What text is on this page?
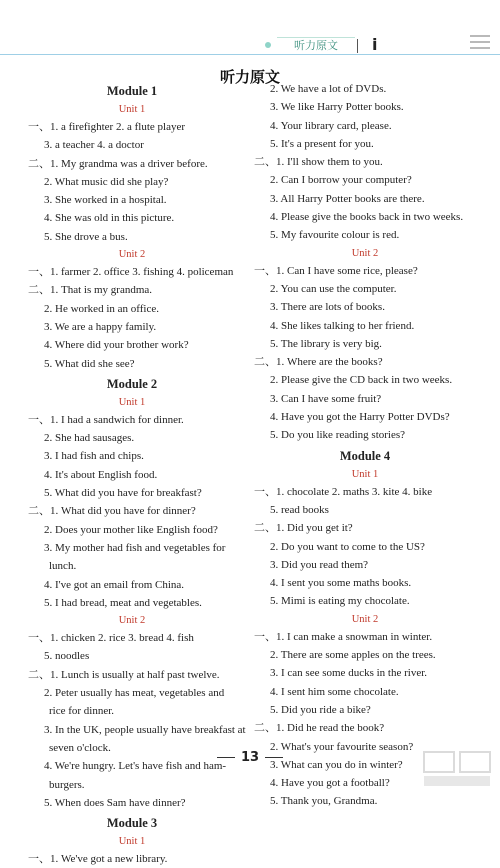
听力原文	i
听力原文
Module 1
Unit 1
一、1. a firefighter 2. a flute player
3. a teacher 4. a doctor
二、1. My grandma was a driver before.
2. What music did she play?
3. She worked in a hospital.
4. She was old in this picture.
5. She drove a bus.
Unit 2
一、1. farmer 2. office 3. fishing 4. policeman
二、1. That is my grandma.
2. He worked in an office.
3. We are a happy family.
4. Where did your brother work?
5. What did she see?
Module 2
Unit 1
一、1. I had a sandwich for dinner.
2. She had sausages.
3. I had fish and chips.
4. It's about English food.
5. What did you have for breakfast?
二、1. What did you have for dinner?
2. Does your mother like English food?
3. My mother had fish and vegetables for
lunch.
4. I've got an email from China.
5. I had bread, meat and vegetables.
Unit 2
一、1. chicken 2. rice 3. bread 4. fish
5. noodles
二、1. Lunch is usually at half past twelve.
2. Peter usually has meat, vegetables and
rice for dinner.
3. In the UK, people usually have breakfast at
seven o'clock.
4. We're hungry. Let's have fish and ham-
burgers.
5. When does Sam have dinner?
Module 3
Unit 1
一、1. We've got a new library.
2. We have a lot of DVDs.
3. We like Harry Potter books.
4. Your library card, please.
5. It's a present for you.
二、1. I'll show them to you.
2. Can I borrow your computer?
3. All Harry Potter books are there.
4. Please give the books back in two weeks.
5. My favourite colour is red.
Unit 2
一、1. Can I have some rice, please?
2. You can use the computer.
3. There are lots of books.
4. She likes talking to her friend.
5. The library is very big.
二、1. Where are the books?
2. Please give the CD back in two weeks.
3. Can I have some fruit?
4. Have you got the Harry Potter DVDs?
5. Do you like reading stories?
Module 4
Unit 1
一、1. chocolate 2. maths 3. kite 4. bike
5. read books
二、1. Did you get it?
2. Do you want to come to the US?
3. Did you read them?
4. I sent you some maths books.
5. Mimi is eating my chocolate.
Unit 2
一、1. I can make a snowman in winter.
2. There are some apples on the trees.
3. I can see some ducks in the river.
4. I sent him some chocolate.
5. Did you ride a bike?
二、1. Did he read the book?
2. What's your favourite season?
3. What can you do in winter?
4. Have you got a football?
5. Thank you, Grandma.
13
